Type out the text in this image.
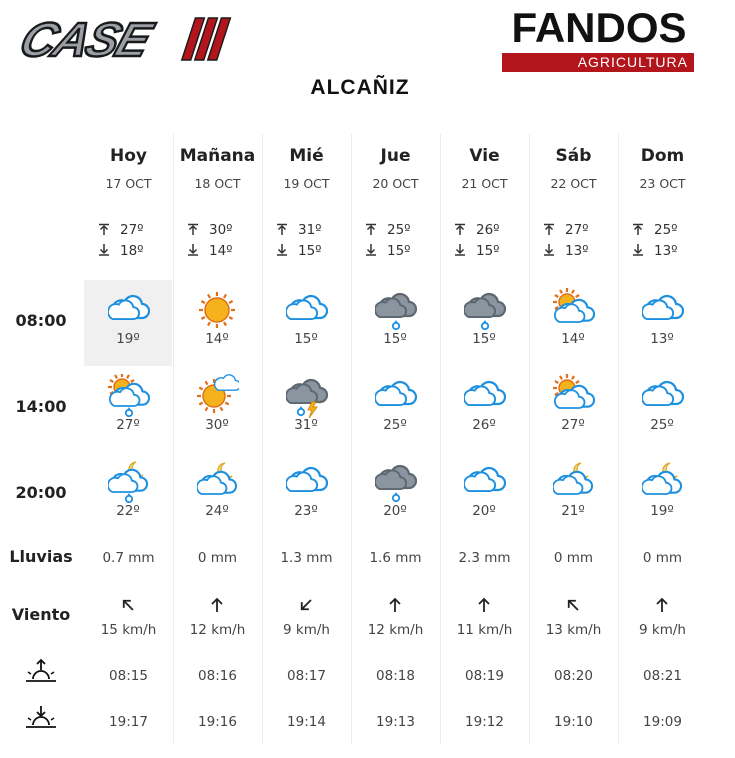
CASE	FANDOS
AGRICULTURA
ALCAÑIZ
08:00
14:00
20:00
Lluvias
Viento
Hoy
17 OCT
27º
18º
19º
27º
22º
0.7 mm
15 km/h
08:15
19:17
Mañana
18 OCT
30º
14º
14º
30º
24º
0 mm
12 km/h
08:16
19:16
Mié
19 OCT
31º
15º
15º
31º
23º
1.3 mm
9 km/h
08:17
19:14
Jue
20 OCT
25º
15º
15º
25º
20º
1.6 mm
12 km/h
08:18
19:13
Vie
21 OCT
26º
15º
15º
26º
20º
2.3 mm
11 km/h
08:19
19:12
Sáb
22 OCT
27º
13º
14º
27º
21º
0 mm
13 km/h
08:20
19:10
Dom
23 OCT
25º
13º
13º
25º
19º
0 mm
9 km/h
08:21
19:09
